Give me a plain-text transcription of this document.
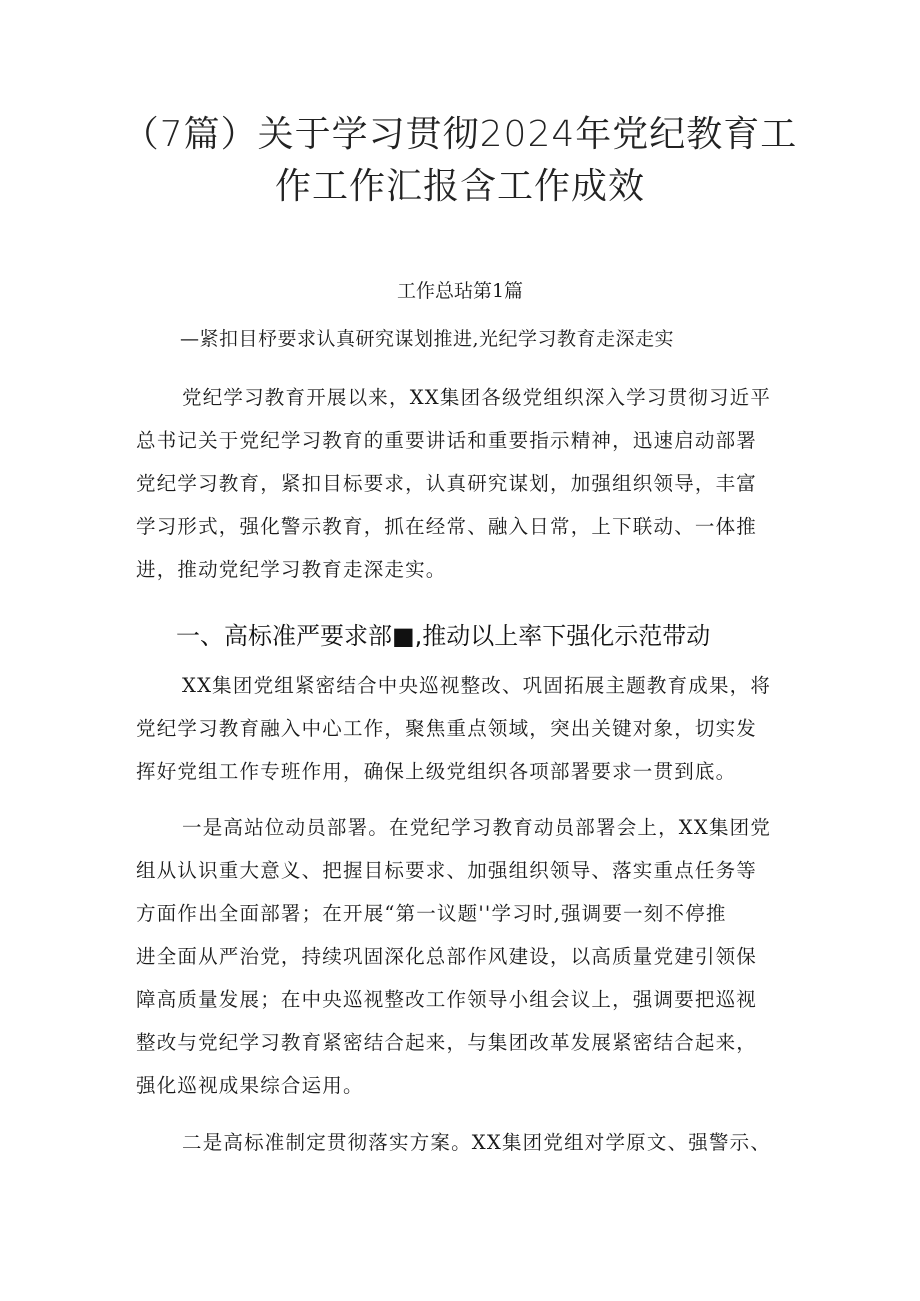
（7篇）关于学习贯彻2024年党纪教育工
作工作汇报含工作成效
工作总玷第1篇
—紧扣目杼要求认真研究谋划推进,光纪学习教育走深走实
党纪学习教育开展以来，XX集团各级党组织深入学习贯彻习近平
总书记关于党纪学习教育的重要讲话和重要指示精神，迅速启动部署
党纪学习教育，紧扣目标要求，认真研究谋划，加强组织领导，丰富
学习形式，强化警示教育，抓在经常、融入日常，上下联动、一体推
进，推动党纪学习教育走深走实。
一、高标准严要求部■,推动以上率下强化示范带动
XX集团党组紧密结合中央巡视整改、巩固拓展主题教育成果，将
党纪学习教育融入中心工作，聚焦重点领域，突出关键对象，切实发
挥好党组工作专班作用，确保上级党组织各项部署要求一贯到底。
一是高站位动员部署。在党纪学习教育动员部署会上，XX集团党
组从认识重大意义、把握目标要求、加强组织领导、落实重点任务等
方面作出全面部署；在开展“第一议题''学习时,强调要一刻不停推
进全面从严治党，持续巩固深化总部作风建设，以高质量党建引领保
障高质量发展；在中央巡视整改工作领导小组会议上，强调要把巡视
整改与党纪学习教育紧密结合起来，与集团改革发展紧密结合起来，
强化巡视成果综合运用。
二是高标准制定贯彻落实方案。XX集团党组对学原文、强警示、
